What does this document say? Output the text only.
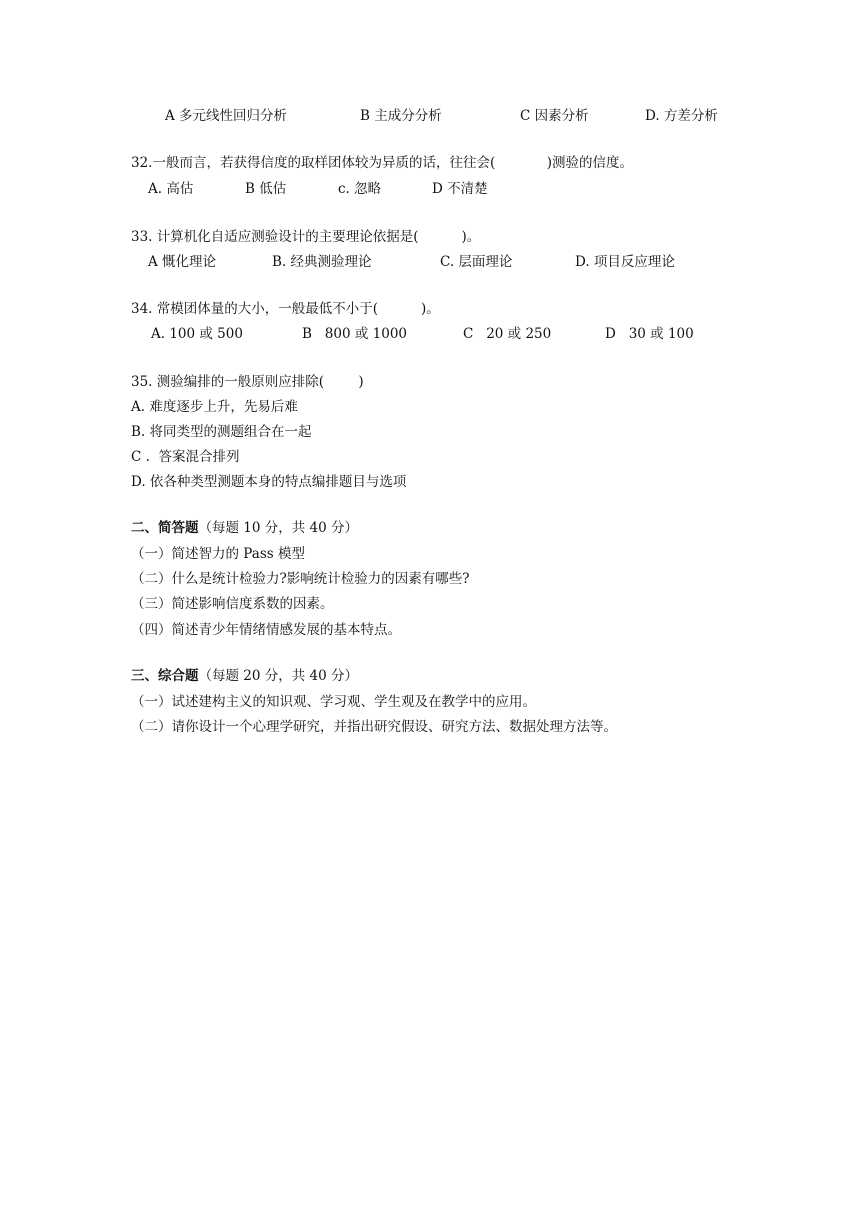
A 多元线性回归分析	B 主成分分析	C 因素分析	D. 方差分析
32.一般而言，若获得信度的取样团体较为异质的话，往往会(            )测验的信度。
A. 高估	B 低估	c. 忽略	D 不清楚
33. 计算机化自适应测验设计的主要理论依据是(          )。
A 慨化理论	B. 经典测验理论	C. 层面理论	D. 项目反应理论
34. 常模团体量的大小，一般最低不小于(          )。
A. 100 或 500	B   800 或 1000	C   20 或 250	D   30 或 100
35. 测验编排的一般原则应排除(        )
A. 难度逐步上升，先易后难
B. 将同类型的测题组合在一起
C .  答案混合排列
D. 依各种类型测题本身的特点编排题目与选项
二、简答题（每题 10 分，共 40 分）
（一）简述智力的 Pass 模型
（二）什么是统计检验力?影响统计检验力的因素有哪些?
（三）简述影响信度系数的因素。
（四）简述青少年情绪情感发展的基本特点。
三、综合题（每题 20 分，共 40 分）
（一）试述建构主义的知识观、学习观、学生观及在教学中的应用。
（二）请你设计一个心理学研究，并指出研究假设、研究方法、数据处理方法等。
